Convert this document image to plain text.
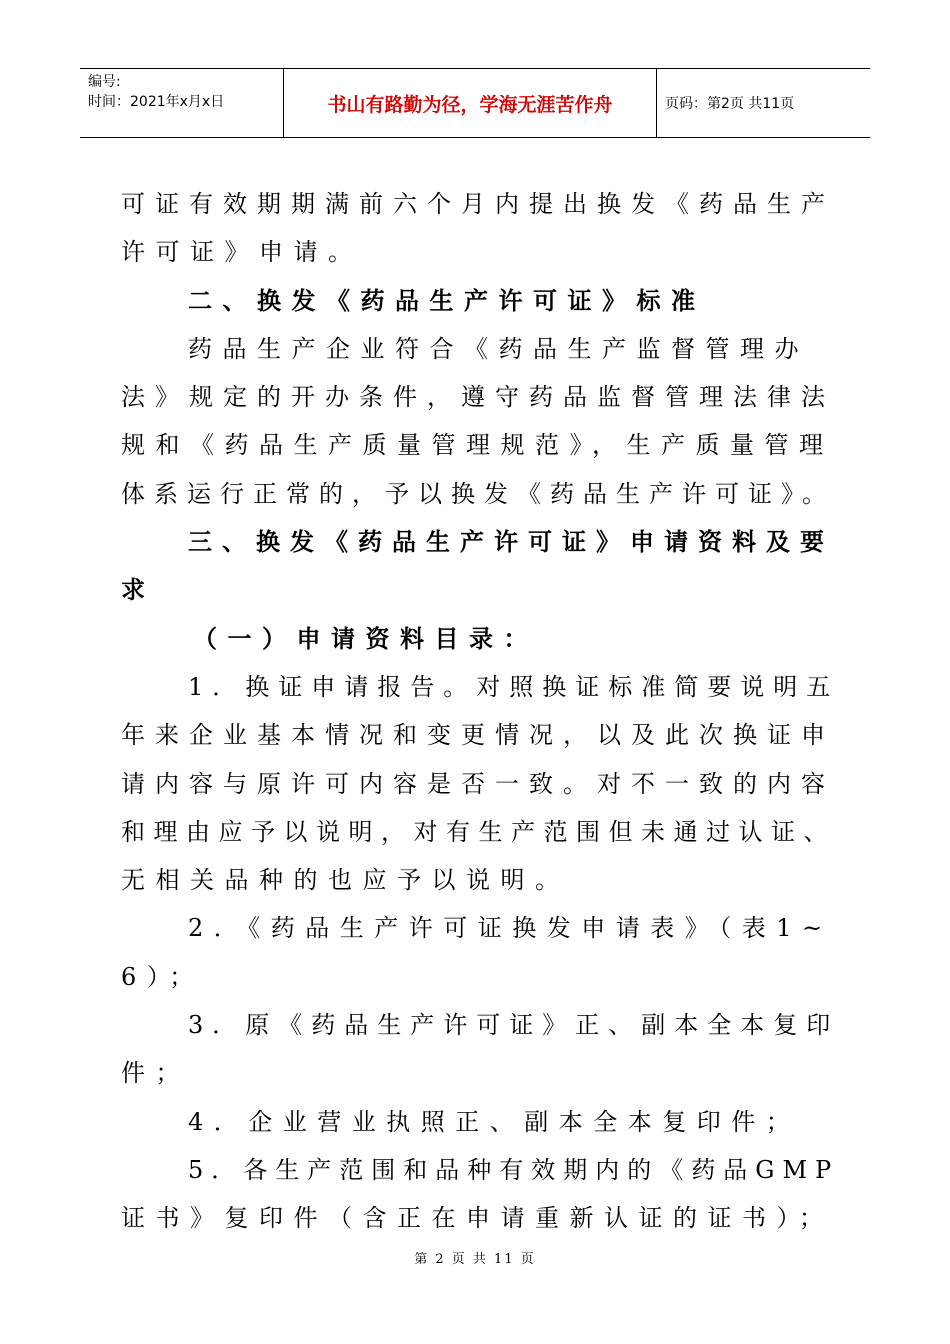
编号:
时间：2021年x月x日	书山有路勤为径，学海无涯苦作舟	页码：第2页 共11页
可证有效期期满前六个月内提出换发《药品生产
许可证》申请。
二、换发《药品生产许可证》标准
药品生产企业符合《药品生产监督管理办
法》规定的开办条件，遵守药品监督管理法律法
规和《药品生产质量管理规范》，生产质量管理
体系运行正常的，予以换发《药品生产许可证》。
三、换发《药品生产许可证》申请资料及要
求
（一）申请资料目录：
1．换证申请报告。对照换证标准简要说明五
年来企业基本情况和变更情况，以及此次换证申
请内容与原许可内容是否一致。对不一致的内容
和理由应予以说明，对有生产范围但未通过认证、
无相关品种的也应予以说明。
2．《药品生产许可证换发申请表》（表1~
6）；
3．原《药品生产许可证》正、副本全本复印
件；
4．企业营业执照正、副本全本复印件；
5．各生产范围和品种有效期内的《药品GMP
证书》复印件（含正在申请重新认证的证书）；
第 2 页 共 11 页
